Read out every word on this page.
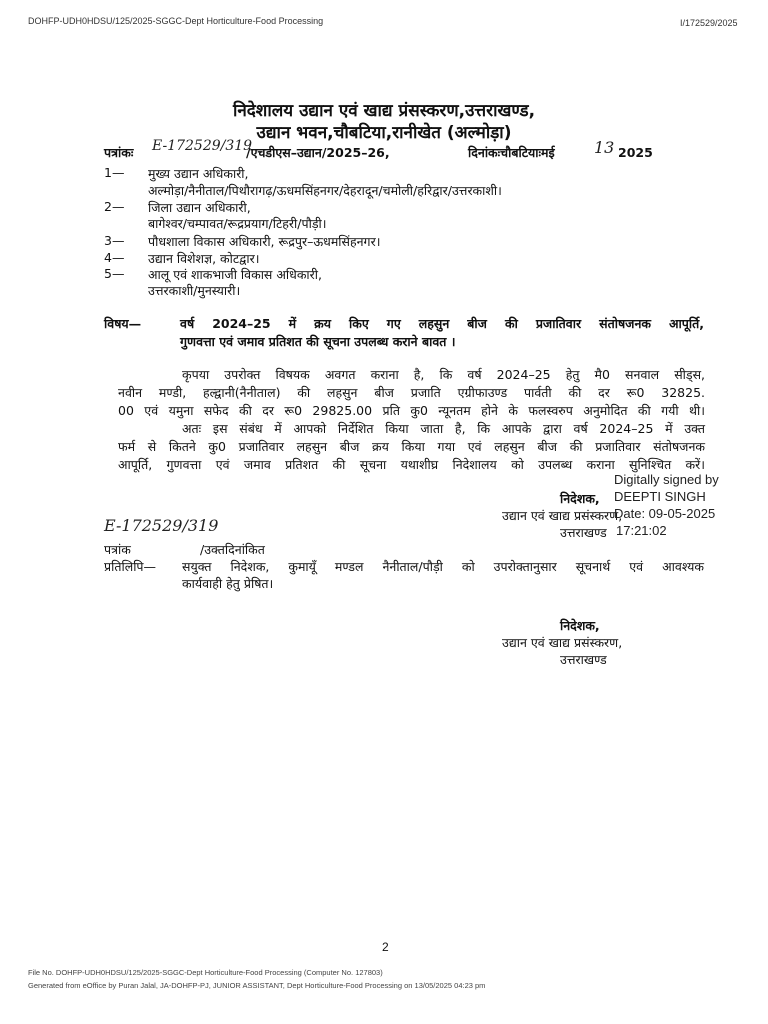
DOHFP-UDH0HDSU/125/2025-SGGC-Dept Horticulture-Food Processing	I/172529/2025
निदेशालय उद्यान एवं खाद्य प्रंसस्करण,उत्तराखण्ड,
उद्यान भवन,चौबटिया,रानीखेत (अल्मोड़ा)
पत्रांकः E-172529/319
/एचडीएस–उद्यान/2025–26,	दिनांकःचौबटियाःमई 13 2025
1— मुख्य उद्यान अधिकारी,
अल्मोड़ा/नैनीताल/पिथौरागढ़/ऊधमसिंहनगर/देहरादून/चमोली/हरिद्वार/उत्तरकाशी।
2— जिला उद्यान अधिकारी,
बागेश्वर/चम्पावत/रूद्रप्रयाग/टिहरी/पौड़ी।
3— पौधशाला विकास अधिकारी, रूद्रपुर–ऊधमसिंहनगर।
4— उद्यान विशेशज्ञ, कोटद्वार।
5— आलू एवं शाकभाजी विकास अधिकारी,
उत्तरकाशी/मुनस्यारी।
विषय—	वर्ष 2024–25 में क्रय किए गए लहसुन बीज की प्रजातिवार संतोषजनक आपूर्ति,
गुणवत्ता एवं जमाव प्रतिशत की सूचना उपलब्ध कराने बावत ।
कृपया उपरोक्त विषयक अवगत कराना है, कि वर्ष 2024–25 हेतु मै0 सनवाल सीड्स,
नवीन मण्डी, हल्द्वानी(नैनीताल) की लहसुन बीज प्रजाति एग्रीफाउण्ड पार्वती की दर रू0 32825.
00 एवं यमुना सफेद की दर रू0 29825.00 प्रति कु0 न्यूनतम होने के फलस्वरुप अनुमोदित की गयी थी।
अतः इस संबंध में आपको निर्देशित किया जाता है, कि आपके द्वारा वर्ष 2024–25 में उक्त
फर्म से कितने कु0 प्रजातिवार लहसुन बीज क्रय किया गया एवं लहसुन बीज की प्रजातिवार संतोषजनक
आपूर्ति, गुणवत्ता एवं जमाव प्रतिशत की सूचना यथाशीघ्र निदेशालय को उपलब्ध कराना सुनिश्चित करें।
Digitally signed by
DEEPTI SINGH
निदेशक,
उद्यान एवं खाद्य प्रसंस्करण,
Date: 09-05-2025
उत्तराखण्ड 17:21:02
E-172529/319
पत्रांक	/उक्तदिनांकित
प्रतिलिपि— सयुक्त निदेशक, कुमायूॅं मण्डल नैनीताल/पौड़ी को उपरोक्तानुसार सूचनार्थ एवं आवश्यक
कार्यवाही हेतु प्रेषित।
निदेशक,
उद्यान एवं खाद्य प्रसंस्करण,
उत्तराखण्ड
2
File No. DOHFP-UDH0HDSU/125/2025-SGGC-Dept Horticulture-Food Processing (Computer No. 127803)
Generated from eOffice by Puran Jalal, JA-DOHFP-PJ, JUNIOR ASSISTANT, Dept Horticulture-Food Processing on 13/05/2025 04:23 pm
